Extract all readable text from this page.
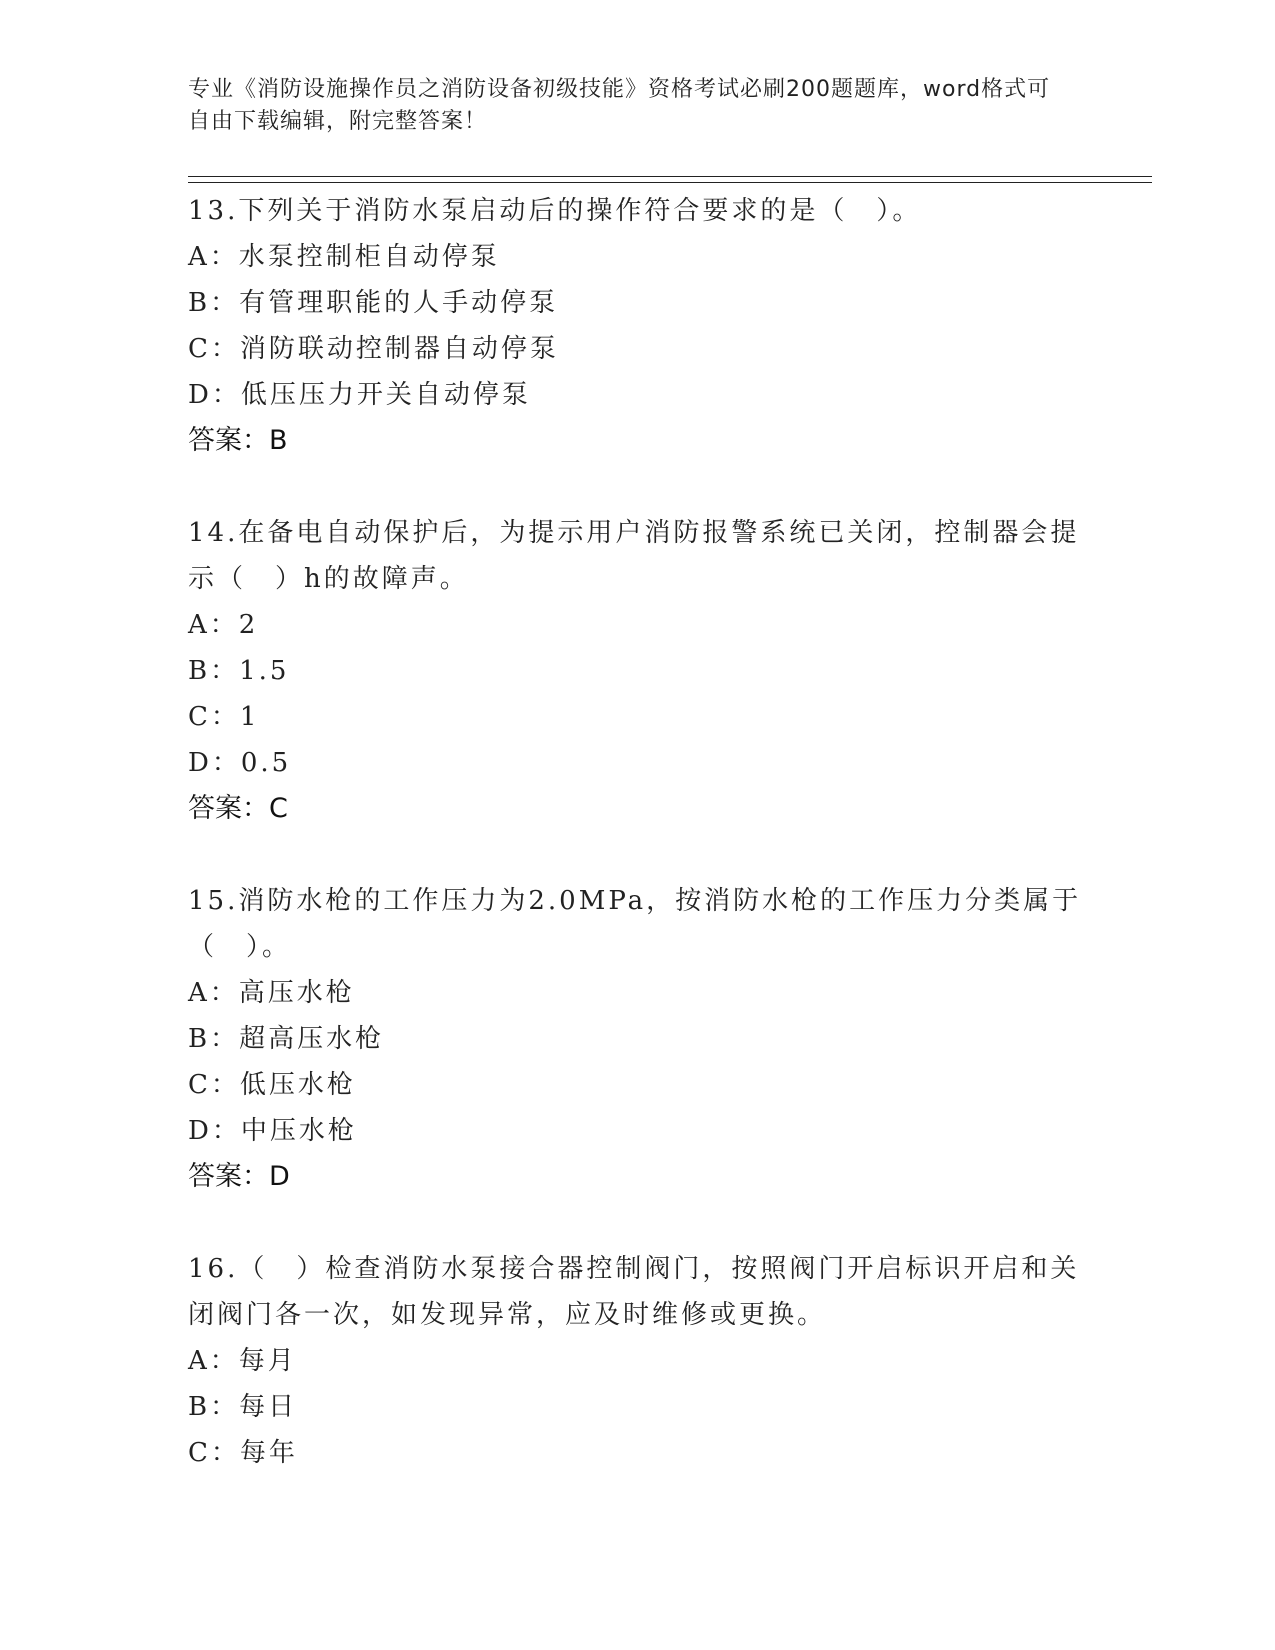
专业《消防设施操作员之消防设备初级技能》资格考试必刷200题题库，word格式可自由下载编辑，附完整答案！
13.下列关于消防水泵启动后的操作符合要求的是（　）。
A：水泵控制柜自动停泵
B：有管理职能的人手动停泵
C：消防联动控制器自动停泵
D：低压压力开关自动停泵
答案：B
14.在备电自动保护后，为提示用户消防报警系统已关闭，控制器会提示（　）h的故障声。
A：2
B：1.5
C：1
D：0.5
答案：C
15.消防水枪的工作压力为2.0MPa，按消防水枪的工作压力分类属于（　）。
A：高压水枪
B：超高压水枪
C：低压水枪
D：中压水枪
答案：D
16.（　）检查消防水泵接合器控制阀门，按照阀门开启标识开启和关闭阀门各一次，如发现异常，应及时维修或更换。
A：每月
B：每日
C：每年
